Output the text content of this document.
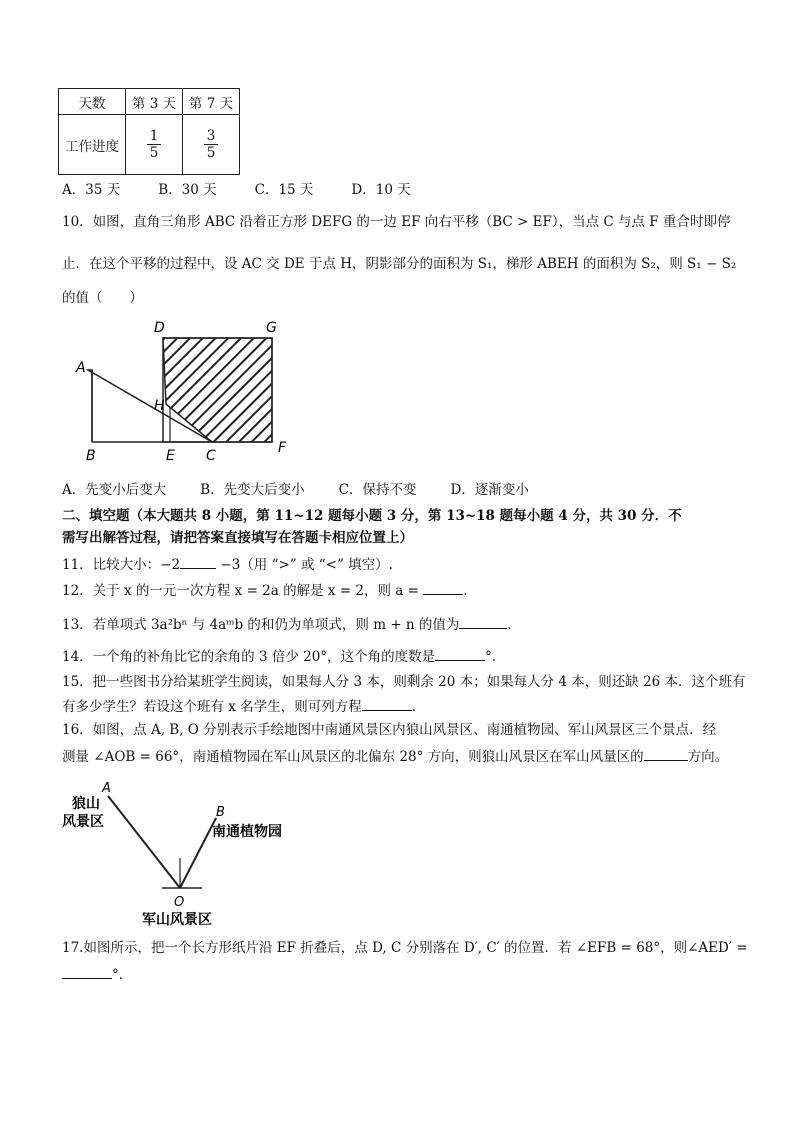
天数	第 3 天	第 7 天
工作进度	$\frac{1}{5}$	$\frac{3}{5}$
A．35 天	B．30 天	C．15 天	D．10 天
10．如图，直角三角形 ABC 沿着正方形 DEFG 的一边 EF 向右平移（BC > EF），当点 C 与点 F 重合时即停
止．在这个平移的过程中，设 AC 交 DE 于点 H，阴影部分的面积为 S₁，梯形 ABEH 的面积为 S₂，则 S₁ − S₂
的值（　　）
A
B	E C
D	G
F
H
A．先变小后变大	B．先变大后变小	C．保持不变	D．逐渐变小
二、填空题（本大题共 8 小题，第 11~12 题每小题 3 分，第 13~18 题每小题 4 分，共 30 分．不
需写出解答过程，请把答案直接填写在答题卡相应位置上）
11．比较大小：−2	−3（用 “>” 或 “<” 填空）.
12．关于 x 的一元一次方程 x = 2a 的解是 x = 2，则 a =	．
13．若单项式 3a²bⁿ 与 4aᵐb 的和仍为单项式，则 m + n 的值为	．
14．一个角的补角比它的余角的 3 倍少 20°，这个角的度数是	°．
15．把一些图书分给某班学生阅读，如果每人分 3 本，则剩余 20 本；如果每人分 4 本，则还缺 26 本．这个班有
有多少学生？若设这个班有 x 名学生，则可列方程	．
16．如图，点 A, B, O 分别表示手绘地图中南通风景区内狼山风景区、南通植物园、军山风景区三个景点．经
测量 ∠AOB = 66°，南通植物园在军山风景区的北偏东 28° 方向，则狼山风景区在军山风量区的	方向。
A
B
O
狼山
风景区
南通植物园
军山风景区
17.如图所示，把一个长方形纸片沿 EF 折叠后，点 D, C 分别落在 D′, C′ 的位置．若 ∠EFB = 68°，则∠AED′ =
°．
